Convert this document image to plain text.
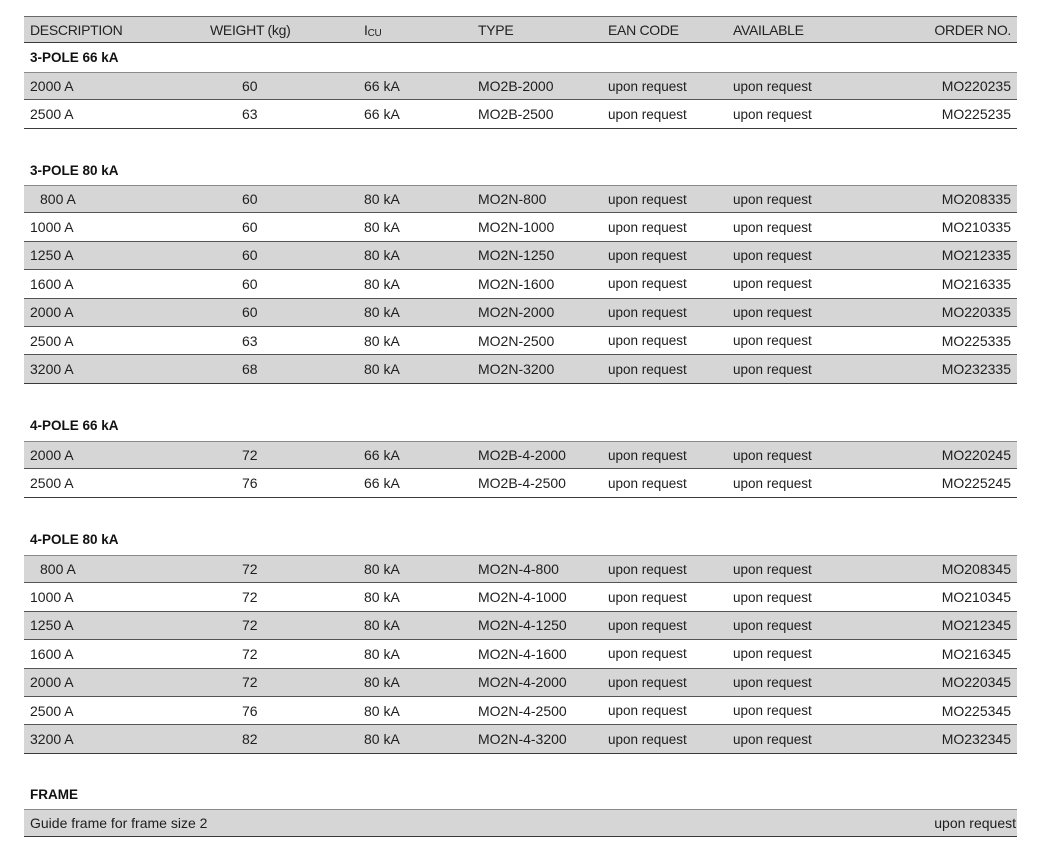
DESCRIPTION	WEIGHT (kg)	I CU	TYPE	EAN CODE	AVAILABLE	ORDER NO.
3-POLE 66 kA
2000 A	60	66 kA	MO2B-2000	upon request	upon request	MO220235
2500 A	63	66 kA	MO2B-2500	upon request	upon request	MO225235
3-POLE 80 kA
800 A	60	80 kA	MO2N-800	upon request	upon request	MO208335
1000 A	60	80 kA	MO2N-1000	upon request	upon request	MO210335
1250 A	60	80 kA	MO2N-1250	upon request	upon request	MO212335
1600 A	60	80 kA	MO2N-1600	upon request	upon request	MO216335
2000 A	60	80 kA	MO2N-2000	upon request	upon request	MO220335
2500 A	63	80 kA	MO2N-2500	upon request	upon request	MO225335
3200 A	68	80 kA	MO2N-3200	upon request	upon request	MO232335
4-POLE 66 kA
2000 A	72	66 kA	MO2B-4-2000	upon request	upon request	MO220245
2500 A	76	66 kA	MO2B-4-2500	upon request	upon request	MO225245
4-POLE 80 kA
800 A	72	80 kA	MO2N-4-800	upon request	upon request	MO208345
1000 A	72	80 kA	MO2N-4-1000	upon request	upon request	MO210345
1250 A	72	80 kA	MO2N-4-1250	upon request	upon request	MO212345
1600 A	72	80 kA	MO2N-4-1600	upon request	upon request	MO216345
2000 A	72	80 kA	MO2N-4-2000	upon request	upon request	MO220345
2500 A	76	80 kA	MO2N-4-2500	upon request	upon request	MO225345
3200 A	82	80 kA	MO2N-4-3200	upon request	upon request	MO232345
FRAME
Guide frame for frame size 2	upon request
